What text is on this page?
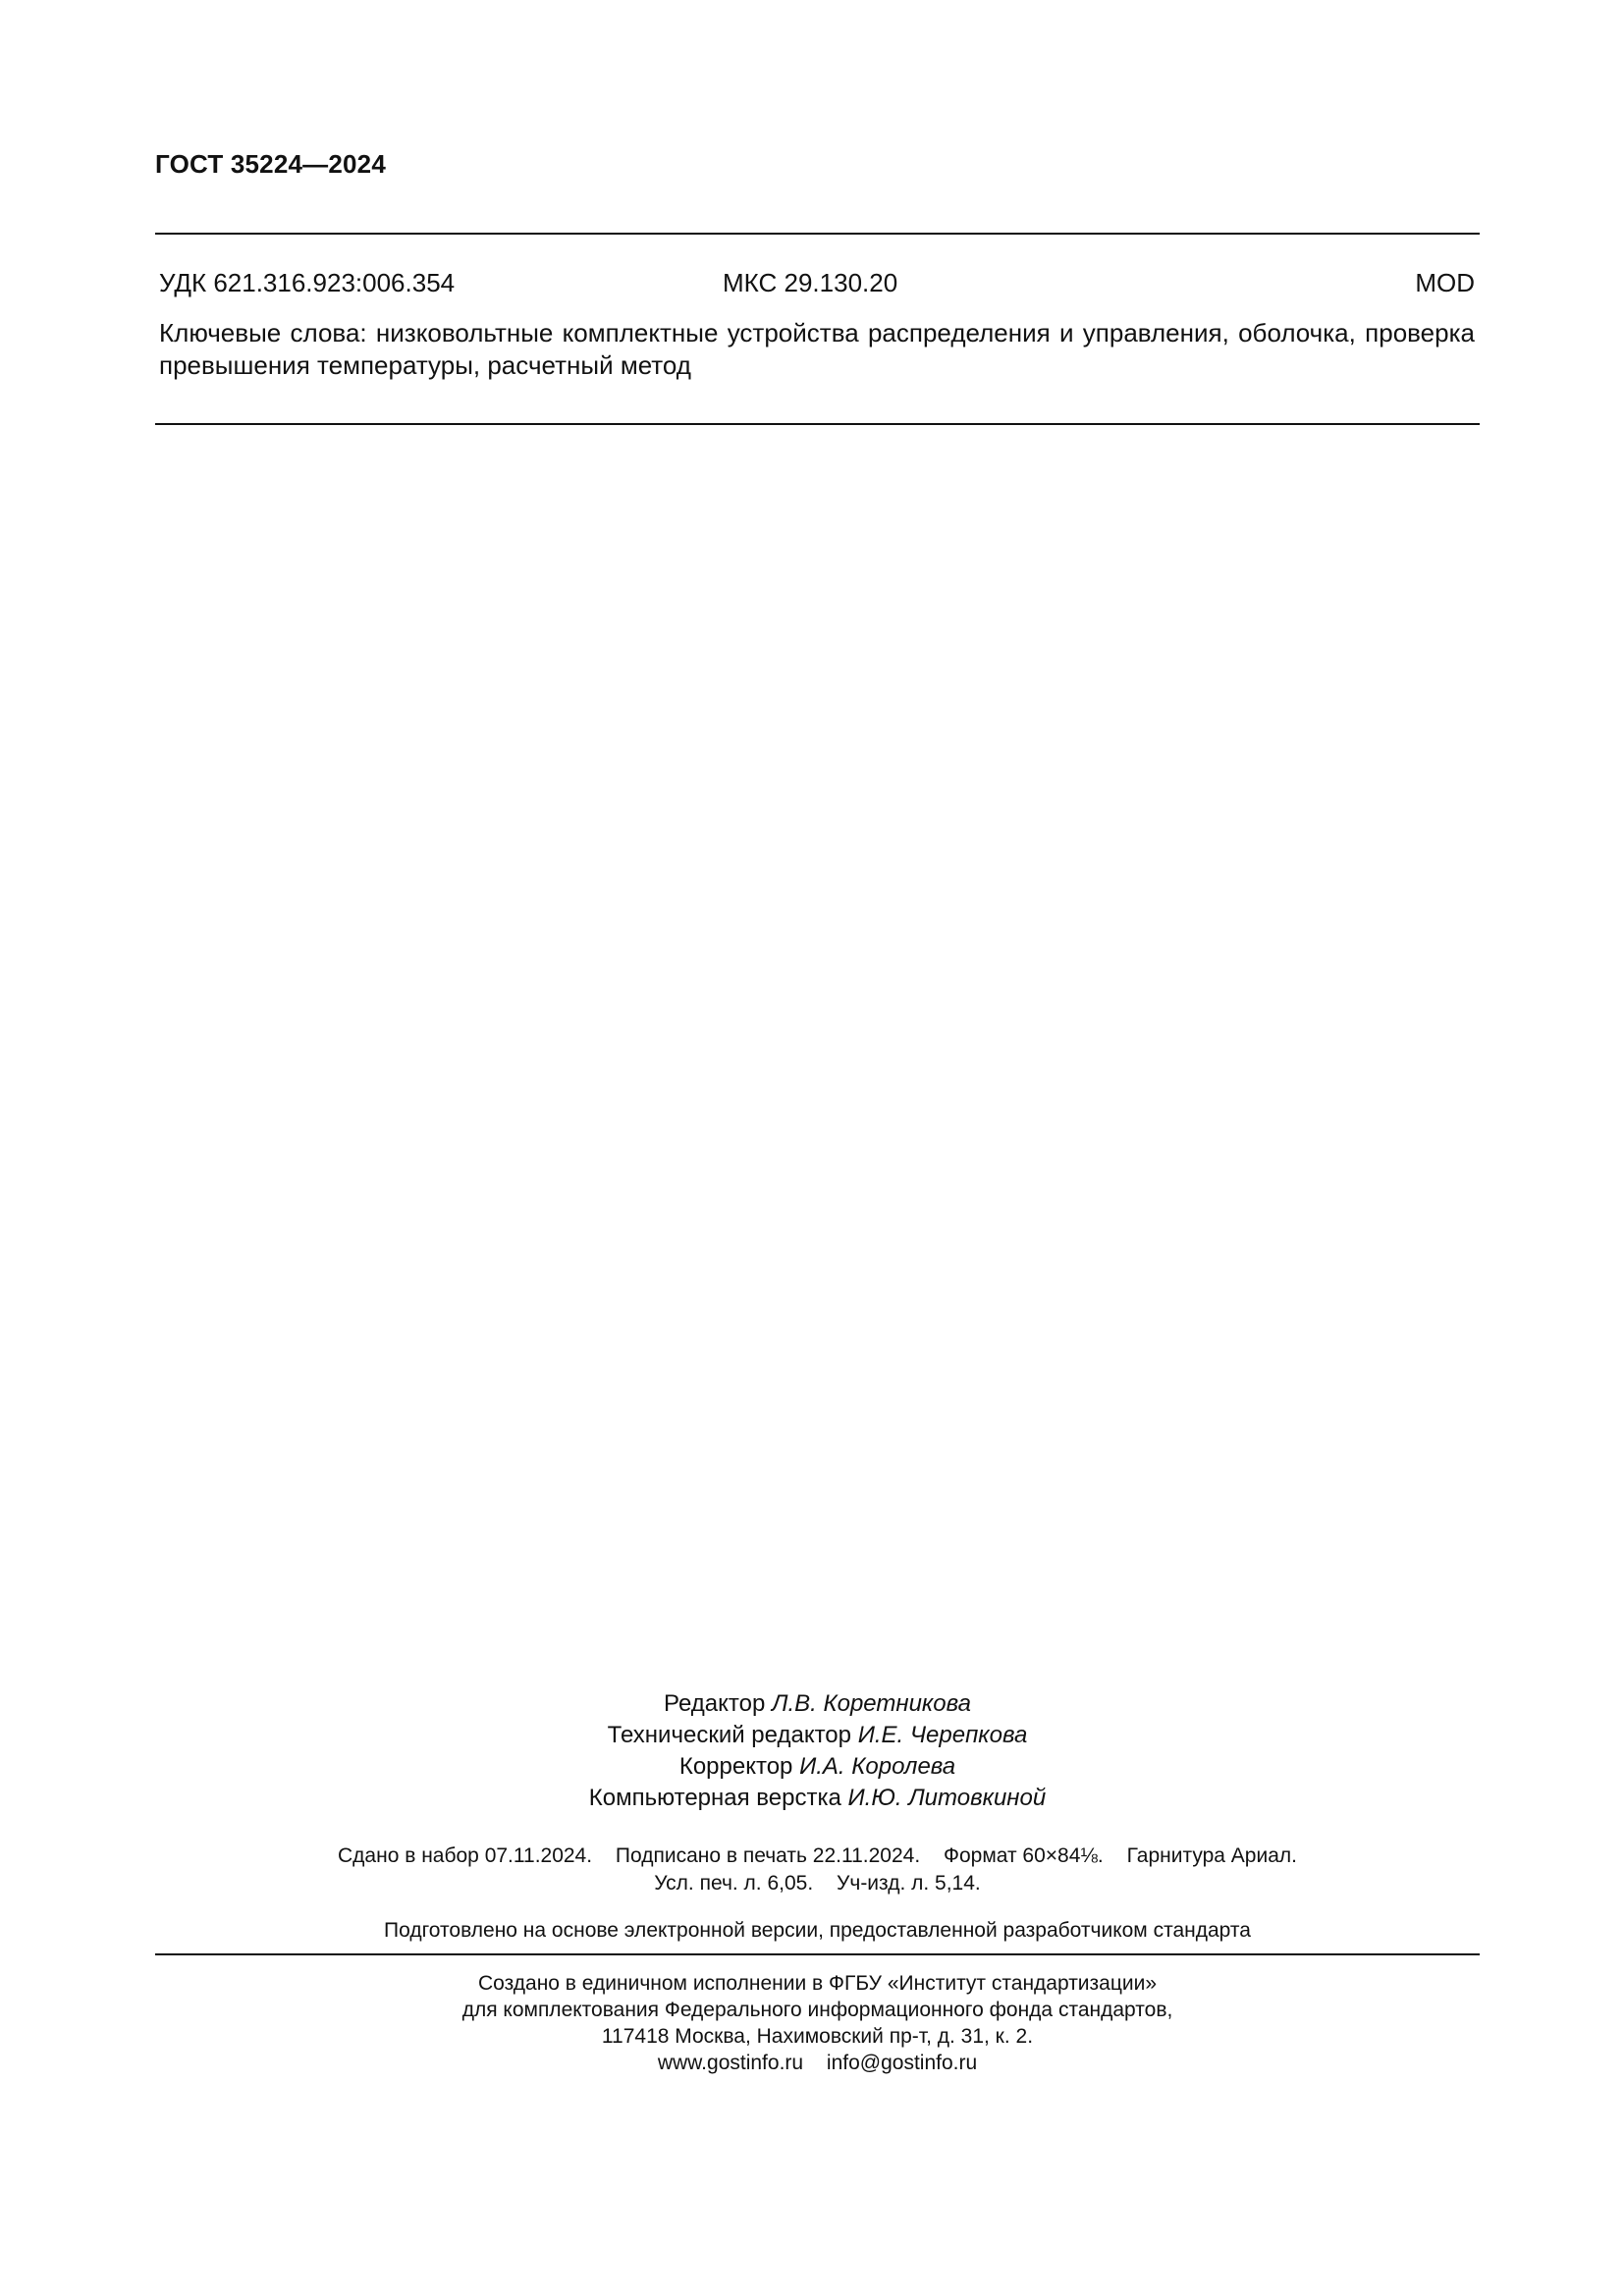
ГОСТ 35224—2024
УДК 621.316.923:006.354	МКС 29.130.20	MOD
Ключевые слова: низковольтные комплектные устройства распределения и управления, оболочка, проверка превышения температуры, расчетный метод
Редактор Л.В. Коретникова
Технический редактор И.Е. Черепкова
Корректор И.А. Королева
Компьютерная верстка И.Ю. Литовкиной
Сдано в набор 07.11.2024. Подписано в печать 22.11.2024. Формат 60×84⅛. Гарнитура Ариал.
Усл. печ. л. 6,05. Уч-изд. л. 5,14.
Подготовлено на основе электронной версии, предоставленной разработчиком стандарта
Создано в единичном исполнении в ФГБУ «Институт стандартизации»
для комплектования Федерального информационного фонда стандартов,
117418 Москва, Нахимовский пр-т, д. 31, к. 2.
www.gostinfo.ru info@gostinfo.ru
